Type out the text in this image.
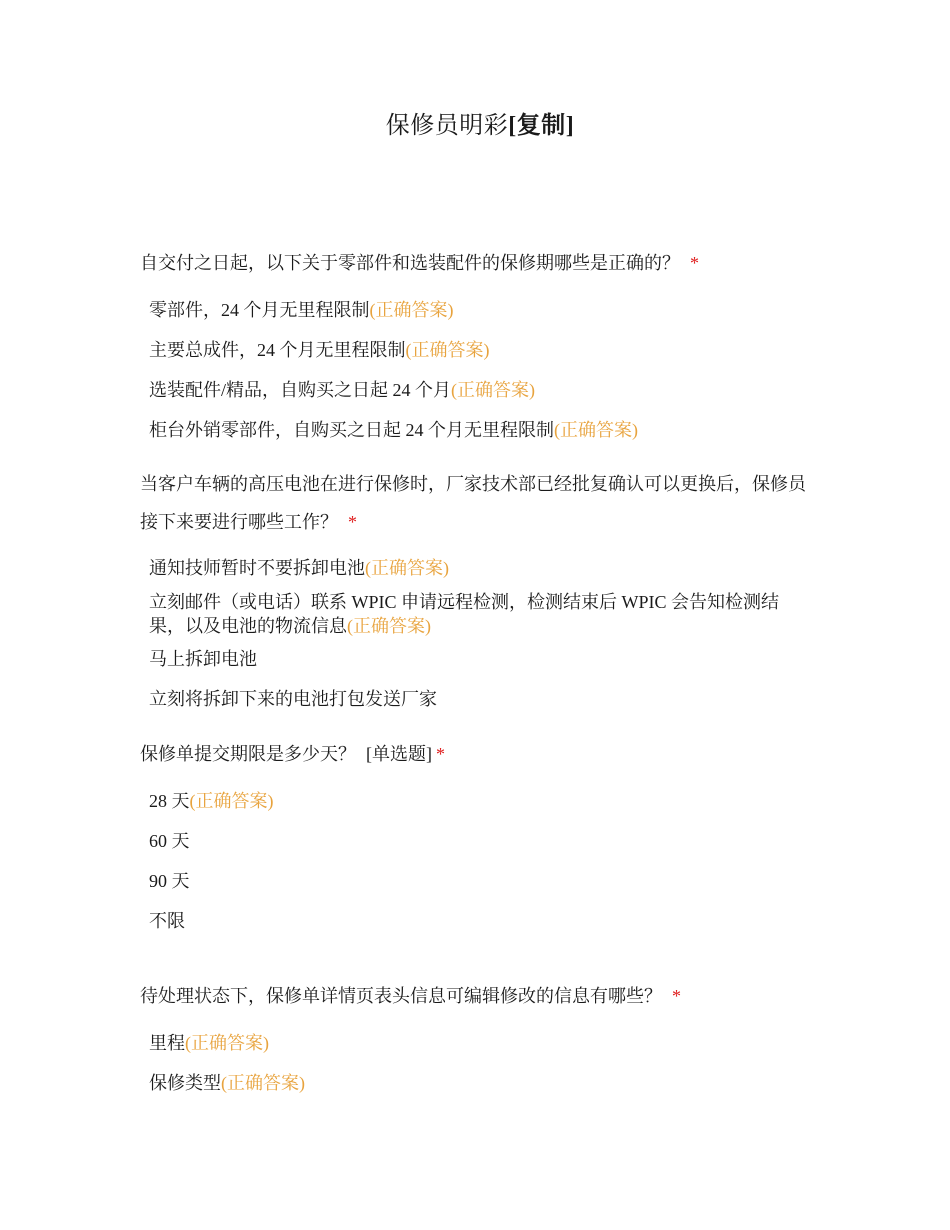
保修员明彩[复制]
自交付之日起，以下关于零部件和选装配件的保修期哪些是正确的？ *
零部件，24 个月无里程限制(正确答案)
主要总成件，24 个月无里程限制(正确答案)
选装配件/精品，自购买之日起 24 个月(正确答案)
柜台外销零部件，自购买之日起 24 个月无里程限制(正确答案)
当客户车辆的高压电池在进行保修时，厂家技术部已经批复确认可以更换后，保修员接下来要进行哪些工作？ *
通知技师暂时不要拆卸电池(正确答案)
立刻邮件（或电话）联系 WPIC 申请远程检测，检测结束后 WPIC 会告知检测结果，以及电池的物流信息(正确答案)
马上拆卸电池
立刻将拆卸下来的电池打包发送厂家
保修单提交期限是多少天？ [单选题] *
28 天(正确答案)
60 天
90 天
不限
待处理状态下，保修单详情页表头信息可编辑修改的信息有哪些？ *
里程(正确答案)
保修类型(正确答案)
